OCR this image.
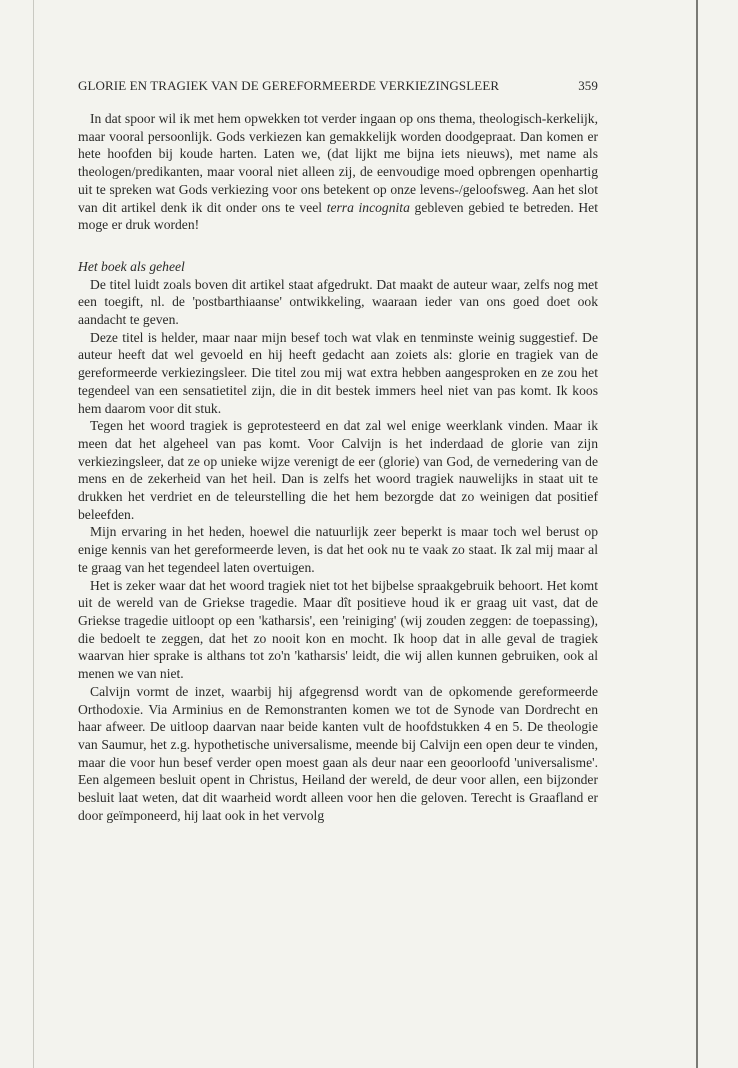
GLORIE EN TRAGIEK VAN DE GEREFORMEERDE VERKIEZINGSLEER	359

In dat spoor wil ik met hem opwekken tot verder ingaan op ons thema, theologisch-kerkelijk, maar vooral persoonlijk. Gods verkiezen kan gemakkelijk worden doodgepraat. Dan komen er hete hoofden bij koude harten. Laten we, (dat lijkt me bijna iets nieuws), met name als theologen/predikanten, maar vooral niet alleen zij, de eenvoudige moed opbrengen openhartig uit te spreken wat Gods verkiezing voor ons betekent op onze levens-/geloofsweg. Aan het slot van dit artikel denk ik dit onder ons te veel terra incognita gebleven gebied te betreden. Het moge er druk worden!

Het boek als geheel

De titel luidt zoals boven dit artikel staat afgedrukt. Dat maakt de auteur waar, zelfs nog met een toegift, nl. de 'postbarthiaanse' ontwikkeling, waaraan ieder van ons goed doet ook aandacht te geven.

Deze titel is helder, maar naar mijn besef toch wat vlak en tenminste weinig suggestief. De auteur heeft dat wel gevoeld en hij heeft gedacht aan zoiets als: glorie en tragiek van de gereformeerde verkiezingsleer. Die titel zou mij wat extra hebben aangesproken en ze zou het tegendeel van een sensatietitel zijn, die in dit bestek immers heel niet van pas komt. Ik koos hem daarom voor dit stuk.

Tegen het woord tragiek is geprotesteerd en dat zal wel enige weerklank vinden. Maar ik meen dat het algeheel van pas komt. Voor Calvijn is het inderdaad de glorie van zijn verkiezingsleer, dat ze op unieke wijze verenigt de eer (glorie) van God, de vernedering van de mens en de zekerheid van het heil. Dan is zelfs het woord tragiek nauwelijks in staat uit te drukken het verdriet en de teleurstelling die het hem bezorgde dat zo weinigen dat positief beleefden.

Mijn ervaring in het heden, hoewel die natuurlijk zeer beperkt is maar toch wel berust op enige kennis van het gereformeerde leven, is dat het ook nu te vaak zo staat. Ik zal mij maar al te graag van het tegendeel laten overtuigen.

Het is zeker waar dat het woord tragiek niet tot het bijbelse spraakgebruik behoort. Het komt uit de wereld van de Griekse tragedie. Maar dît positieve houd ik er graag uit vast, dat de Griekse tragedie uitloopt op een 'katharsis', een 'reiniging' (wij zouden zeggen: de toepassing), die bedoelt te zeggen, dat het zo nooit kon en mocht. Ik hoop dat in alle geval de tragiek waarvan hier sprake is althans tot zo'n 'katharsis' leidt, die wij allen kunnen gebruiken, ook al menen we van niet.

Calvijn vormt de inzet, waarbij hij afgegrensd wordt van de opkomende gereformeerde Orthodoxie. Via Arminius en de Remonstranten komen we tot de Synode van Dordrecht en haar afweer. De uitloop daarvan naar beide kanten vult de hoofdstukken 4 en 5. De theologie van Saumur, het z.g. hypothetische universalisme, meende bij Calvijn een open deur te vinden, maar die voor hun besef verder open moest gaan als deur naar een geoorloofd 'universalisme'. Een algemeen besluit opent in Christus, Heiland der wereld, de deur voor allen, een bijzonder besluit laat weten, dat dit waarheid wordt alleen voor hen die geloven. Terecht is Graafland er door geïmponeerd, hij laat ook in het vervolg
